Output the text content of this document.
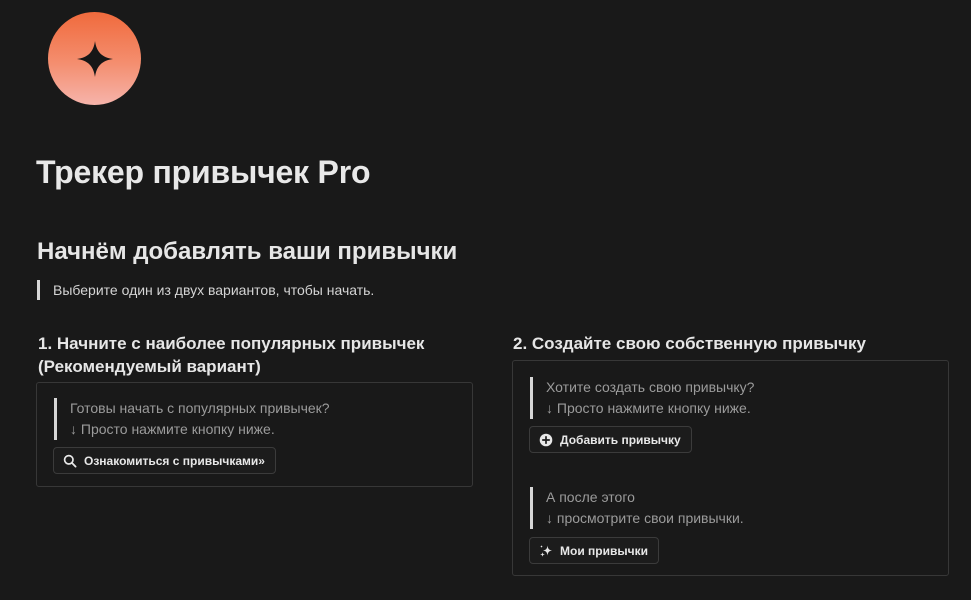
Трекер привычек Pro
Начнём добавлять ваши привычки
Выберите один из двух вариантов, чтобы начать.
1. Начните с наиболее популярных привычек (Рекомендуемый вариант)
Готовы начать с популярных привычек?
↓ Просто нажмите кнопку ниже.
Ознакомиться с привычками»
2. Создайте свою собственную привычку
Хотите создать свою привычку?
↓ Просто нажмите кнопку ниже.
Добавить привычку
А после этого
↓ просмотрите свои привычки.
Мои привычки
